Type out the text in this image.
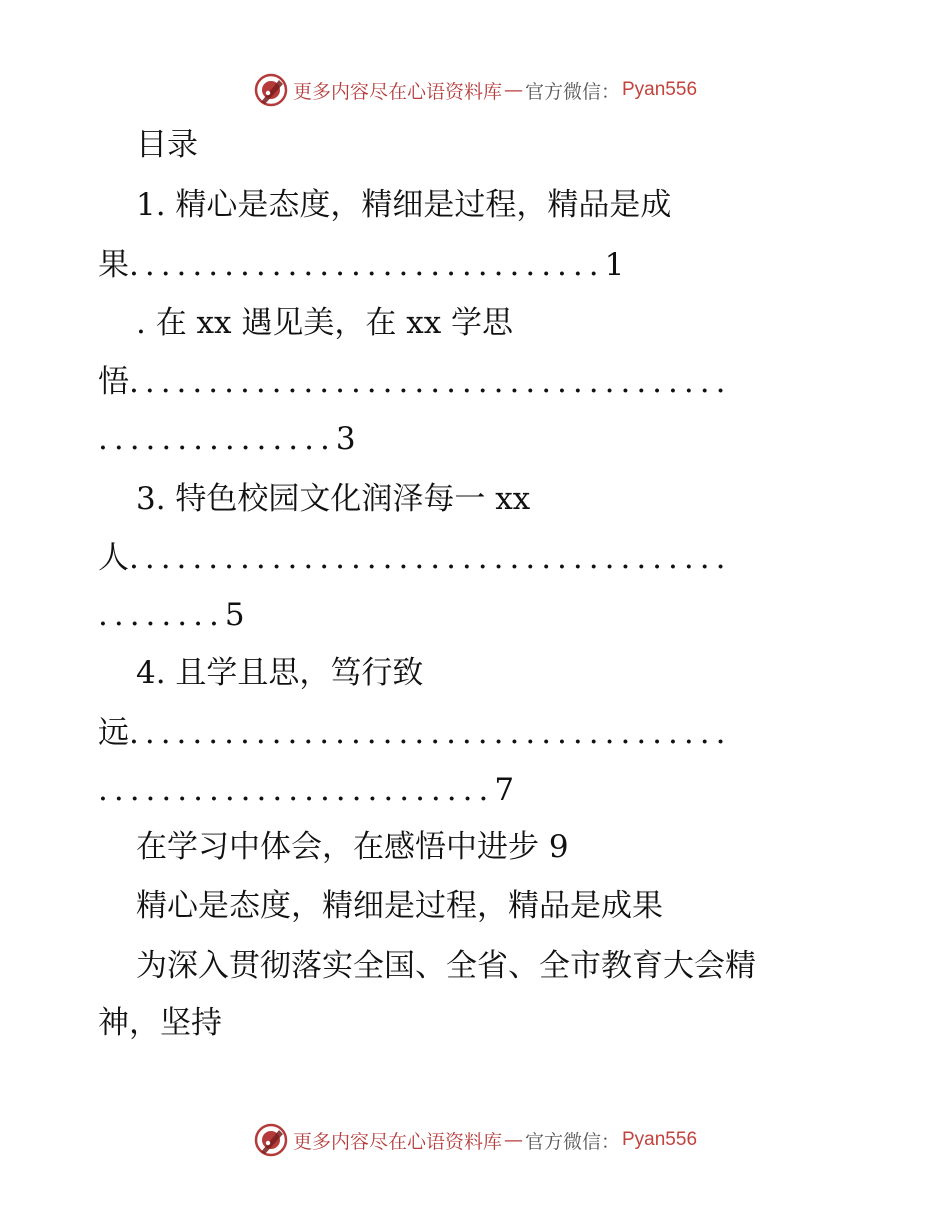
更多内容尽在心语资料库 — 官方微信： Pyan556
目录
1. 精心是态度，精细是过程，精品是成
果..............................1
. 在 xx 遇见美，在 xx 学思
悟......................................
...............3
3. 特色校园文化润泽每一 xx
人......................................
........5
4. 且学且思，笃行致
远......................................
.........................7
在学习中体会，在感悟中进步 9
精心是态度，精细是过程，精品是成果
为深入贯彻落实全国、全省、全市教育大会精
神，坚持
更多内容尽在心语资料库 — 官方微信： Pyan556
